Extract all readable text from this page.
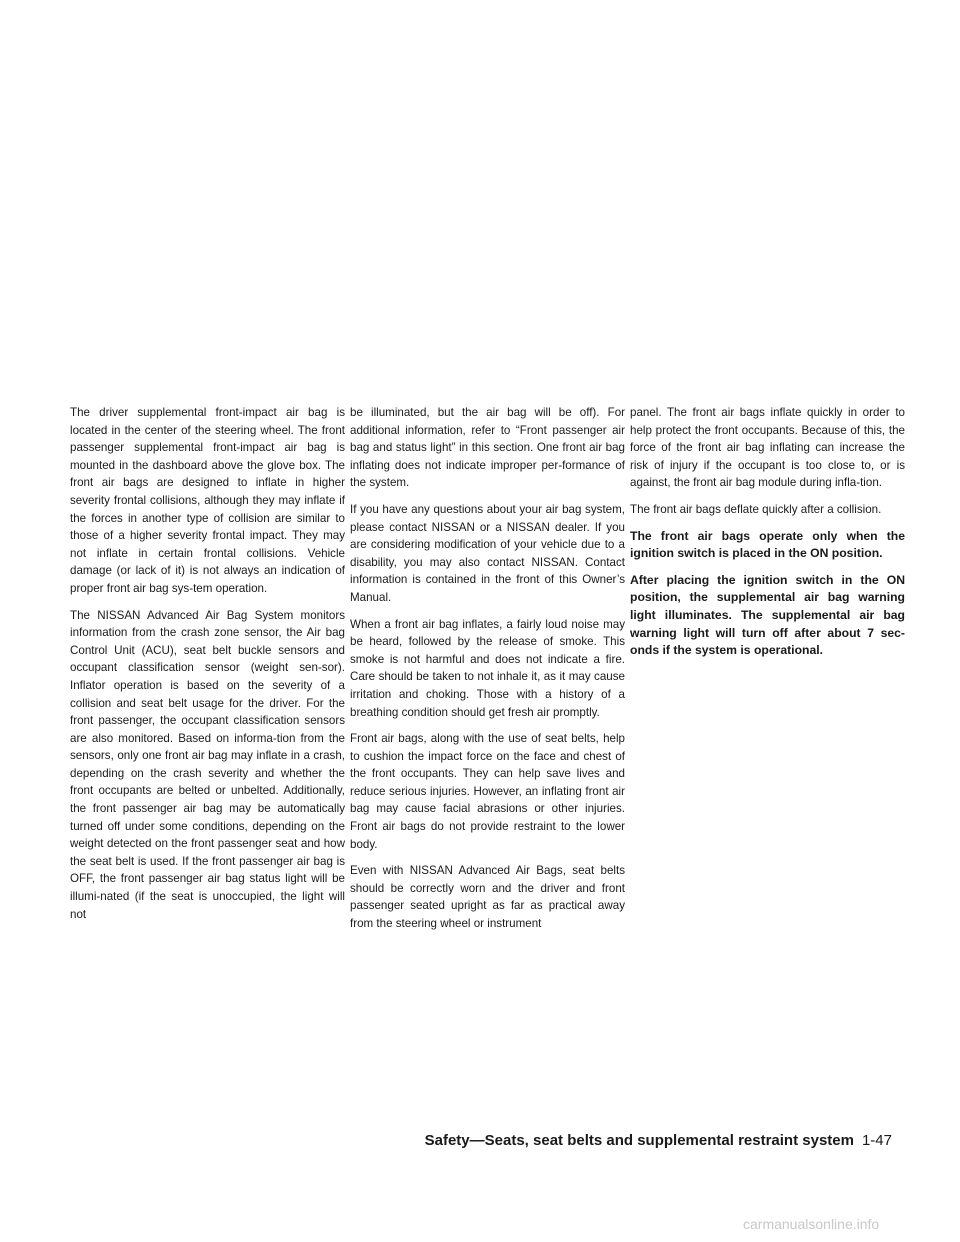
The driver supplemental front-impact air bag is located in the center of the steering wheel. The front passenger supplemental front-impact air bag is mounted in the dashboard above the glove box. The front air bags are designed to inflate in higher severity frontal collisions, although they may inflate if the forces in another type of collision are similar to those of a higher severity frontal impact. They may not inflate in certain frontal collisions. Vehicle damage (or lack of it) is not always an indication of proper front air bag sys-tem operation.

The NISSAN Advanced Air Bag System monitors information from the crash zone sensor, the Air bag Control Unit (ACU), seat belt buckle sensors and occupant classification sensor (weight sen-sor). Inflator operation is based on the severity of a collision and seat belt usage for the driver. For the front passenger, the occupant classification sensors are also monitored. Based on informa-tion from the sensors, only one front air bag may inflate in a crash, depending on the crash severity and whether the front occupants are belted or unbelted. Additionally, the front passenger air bag may be automatically turned off under some conditions, depending on the weight detected on the front passenger seat and how the seat belt is used. If the front passenger air bag is OFF, the front passenger air bag status light will be illumi-nated (if the seat is unoccupied, the light will not

be illuminated, but the air bag will be off). For additional information, refer to “Front passenger air bag and status light” in this section. One front air bag inflating does not indicate improper per-formance of the system.

If you have any questions about your air bag system, please contact NISSAN or a NISSAN dealer. If you are considering modification of your vehicle due to a disability, you may also contact NISSAN. Contact information is contained in the front of this Owner’s Manual.

When a front air bag inflates, a fairly loud noise may be heard, followed by the release of smoke. This smoke is not harmful and does not indicate a fire. Care should be taken to not inhale it, as it may cause irritation and choking. Those with a history of a breathing condition should get fresh air promptly.

Front air bags, along with the use of seat belts, help to cushion the impact force on the face and chest of the front occupants. They can help save lives and reduce serious injuries. However, an inflating front air bag may cause facial abrasions or other injuries. Front air bags do not provide restraint to the lower body.

Even with NISSAN Advanced Air Bags, seat belts should be correctly worn and the driver and front passenger seated upright as far as practical away from the steering wheel or instrument

panel. The front air bags inflate quickly in order to help protect the front occupants. Because of this, the force of the front air bag inflating can increase the risk of injury if the occupant is too close to, or is against, the front air bag module during infla-tion.

The front air bags deflate quickly after a collision.

The front air bags operate only when the ignition switch is placed in the ON position.

After placing the ignition switch in the ON position, the supplemental air bag warning light illuminates. The supplemental air bag warning light will turn off after about 7 sec-onds if the system is operational.

Safety—Seats, seat belts and supplemental restraint system 1-47
carmanualsonline.info
